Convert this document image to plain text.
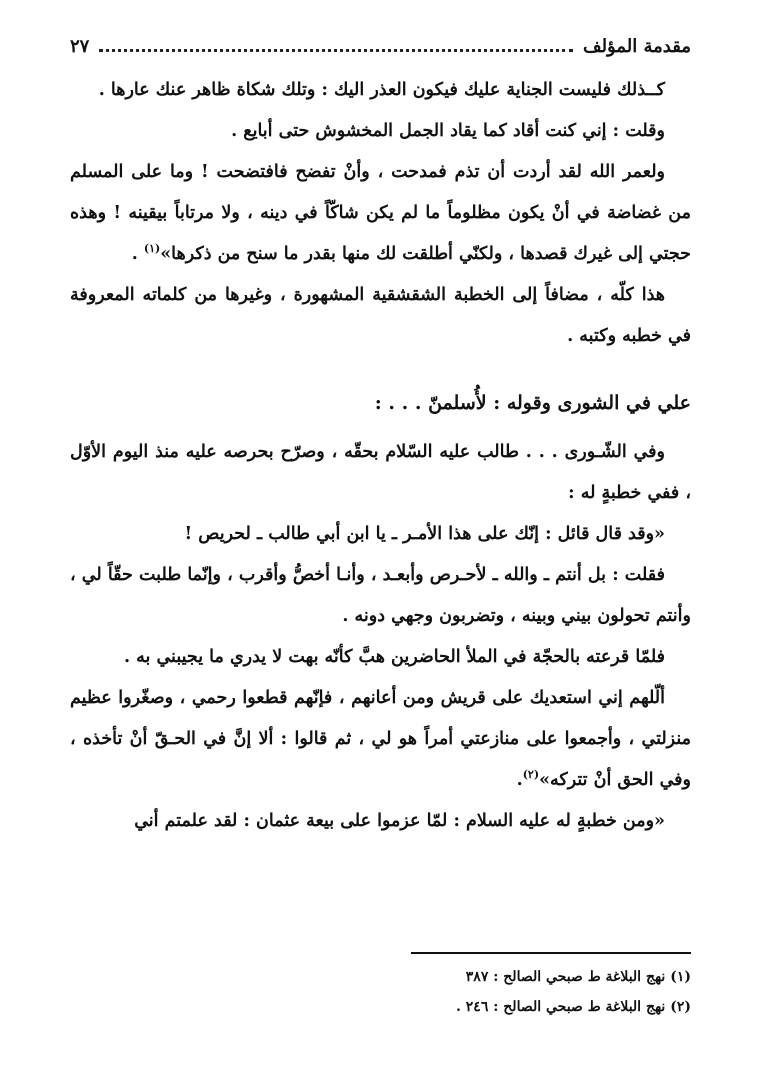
مقدمة المؤلف
٢٧

كــذلك فليست الجناية عليك فيكون العذر اليك : وتلك شكاة ظاهر عنك عارها .

وقلت : إني كنت أقاد كما يقاد الجمل المخشوش حتى أبايع .

ولعمر الله لقد أردت أن تذم فمدحت ، وأنْ تفضح فافتضحت ! وما على المسلم من غضاضة في أنْ يكون مظلوماً ما لم يكن شاكّاً في دينه ، ولا مرتاباً بيقينه ! وهذه حجتي إلى غيرك قصدها ، ولكنّي أطلقت لك منها بقدر ما سنح من ذكرها»$^{(١)}$ .

هذا كلّه ، مضافاً إلى الخطبة الشقشقية المشهورة ، وغيرها من كلماته المعروفة في خطبه وكتبه .

علي في الشورى وقوله : لأُسلمنّ . . . :

وفي الشّـورى . . . طالب عليه السّلام بحقّه ، وصرّح بحرصه عليه منذ اليوم الأوّل ، ففي خطبةٍ له :

«وقد قال قائل : إنّك على هذا الأمـر ـ يا ابن أبي طالب ـ لحريص !

فقلت : بل أنتم ـ والله ـ لأحـرص وأبعـد ، وأنـا أخصُّ وأقرب ، وإنّما طلبت حقّاً لي ، وأنتم تحولون بيني وبينه ، وتضربون وجهي دونه .

فلمّا قرعته بالحجّة في الملأ الحاضرين هبَّ كأنّه بهت لا يدري ما يجيبني به .

ألّلهم إني استعديك على قريش ومن أعانهم ، فإنّهم قطعوا رحمي ، وصغّروا عظيم منزلتي ، وأجمعوا على منازعتي أمراً هو لي ، ثم قالوا : ألا إنَّ في الحـقّ أنْ تأخذه ، وفي الحق أنْ تتركه»$^{(٢)}$.

«ومن خطبةٍ له عليه السلام : لمّا عزموا على بيعة عثمان : لقد علمتم أني

(١) نهج البلاغة ط صبحي الصالح : ٣٨٧
(٢) نهج البلاغة ط صبحي الصالح : ٢٤٦ .
